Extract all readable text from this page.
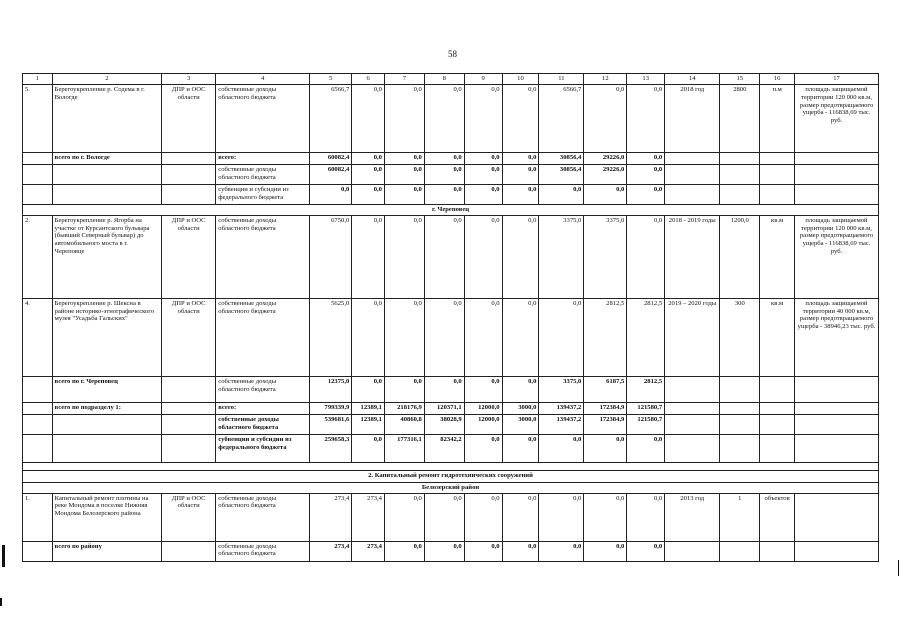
58
1	2	3	4	5	6	7	8	9	10	11	12	13	14	15	16	17
5.	Берегоукрепление р. Содема в г. Вологде	ДПР и ООС области	собственные доходы областного бюджета	6566,7	0,0	0,0	0,0	0,0	0,0	6566,7	0,0	0,0	2018 год	2800	п.м	площадь защищаемой территории 120 000 кв.м, размер предотвращаемого ущерба - 116838,69 тыс. руб.
	всего по г. Вологде		всего:	60082,4	0,0	0,0	0,0	0,0	0,0	30856,4	29226,0	0,0				
			собственные доходы областного бюджета	60082,4	0,0	0,0	0,0	0,0	0,0	30856,4	29226,0	0,0				
			субвенции и субсидии из федерального бюджета	0,0	0,0	0,0	0,0	0,0	0,0	0,0	0,0	0,0				
г. Череповец																
2.	Берегоукрепление р. Ягорба на участке от Курсантского бульвара (бывший Северный бульвар) до автомобильного моста в г. Череповце	ДПР и ООС области	собственные доходы областного бюджета	6750,0	0,0	0,0	0,0	0,0	0,0	3375,0	3375,0	0,0	2018 - 2019 годы	1200,0	кв.м	площадь защищаемой территории 120 000 кв.м, размер предотвращаемого ущерба - 116838,69 тыс. руб.
4.	Берегоукрепление р. Шексна в районе историко-этнографического музея "Усадьба Гальских"	ДПР и ООС области	собственные доходы областного бюджета	5625,0	0,0	0,0	0,0	0,0	0,0	0,0	2812,5	2812,5	2019 – 2020 годы	300	кв.м	площадь защищаемой территории 40 000 кв.м, размер предотвращаемого ущерба - 38946,23 тыс. руб.
	всего по г. Череповец		собственные доходы областного бюджета	12375,0	0,0	0,0	0,0	0,0	0,0	3375,0	6187,5	2812,5				
	всего по подразделу 1:		всего:	799339,9	12389,1	218176,9	120371,1	12000,0	3000,0	139437,2	172384,9	121580,7				
			собственные доходы областного бюджета	539681,6	12389,1	40860,8	38028,9	12000,0	3000,0	139437,2	172384,9	121580,7				
			субвенции и субсидии из федерального бюджета	259658,3	0,0	177316,1	82342,2	0,0	0,0	0,0	0,0	0,0				

2. Капитальный ремонт гидротехнических сооружений																
Белозерский район																
1.	Капитальный ремонт плотины на реке Мондома в поселке Нижняя Мондома Белозерского района	ДПР и ООС области	собственные доходы областного бюджета	273,4	273,4	0,0	0,0	0,0	0,0	0,0	0,0	0,0	2013 год	1	объектов	
	всего по району		собственные доходы областного бюджета	273,4	273,4	0,0	0,0	0,0	0,0	0,0	0,0	0,0				
